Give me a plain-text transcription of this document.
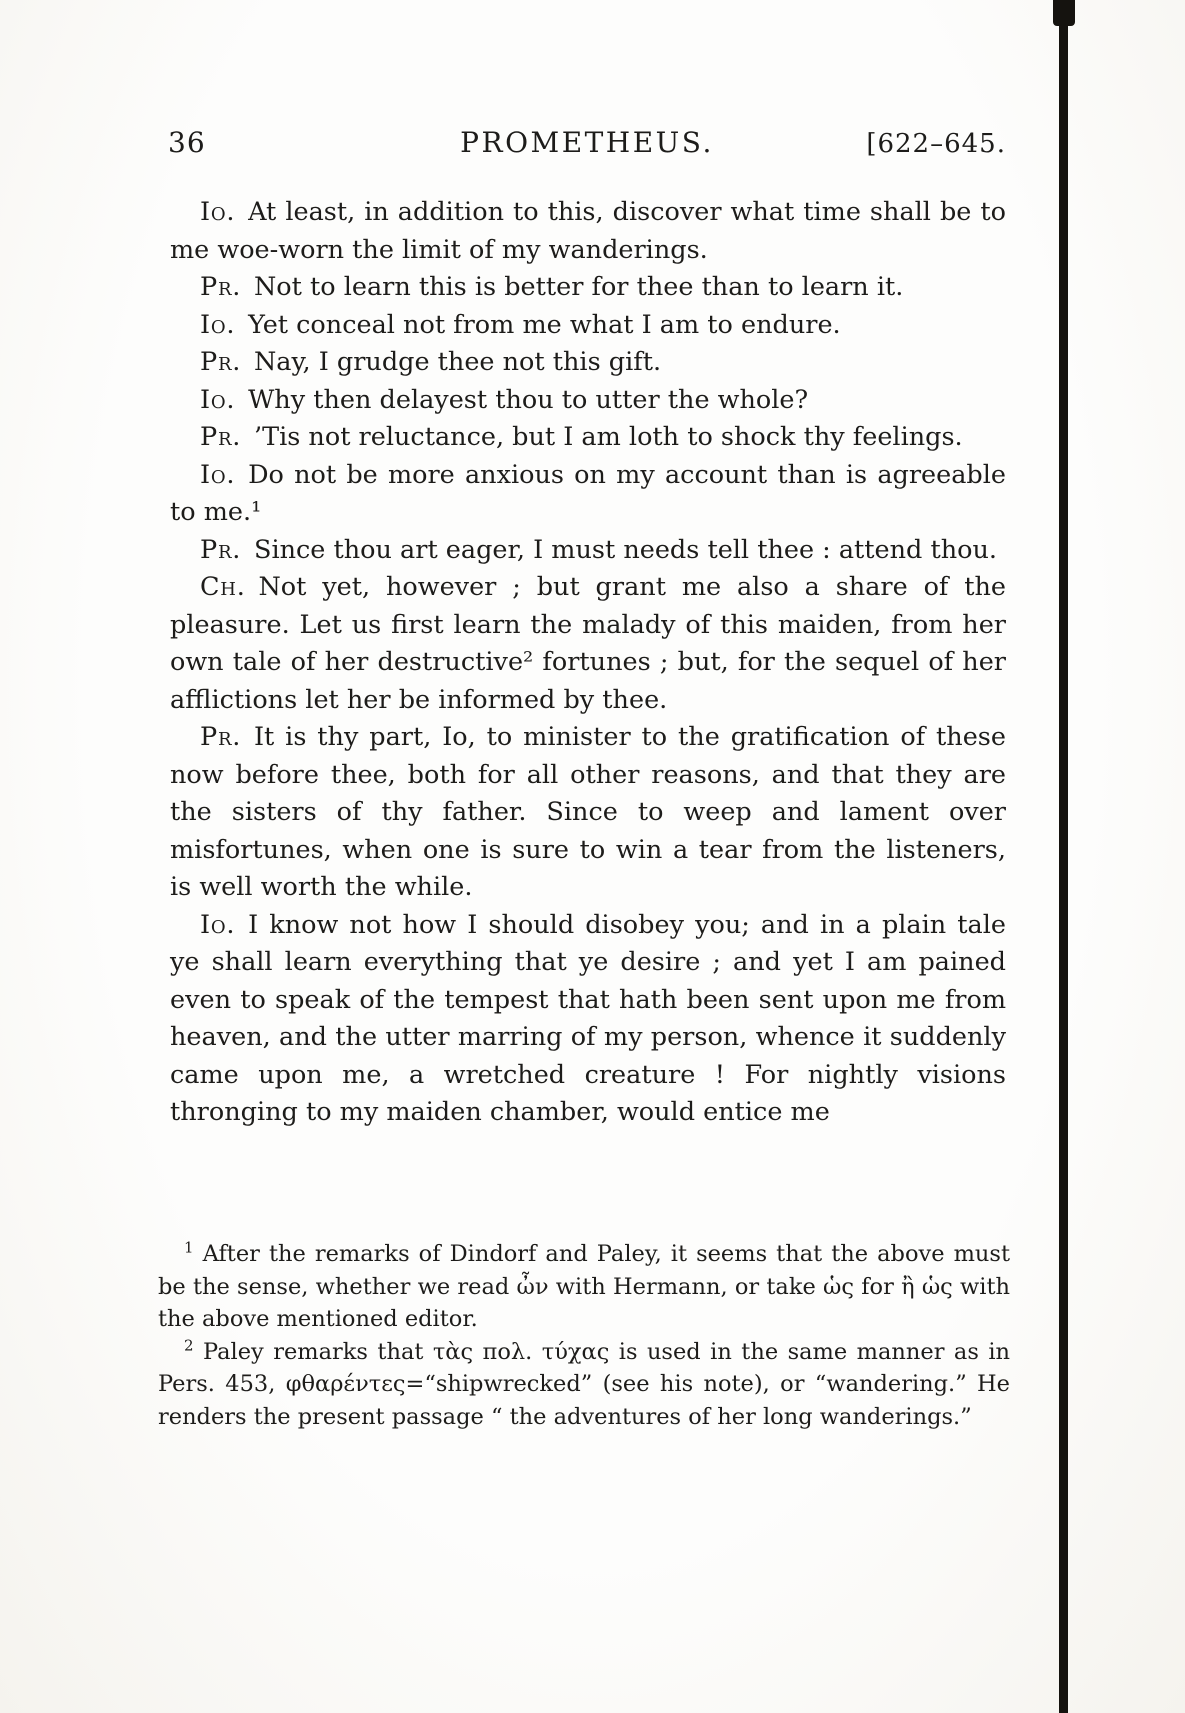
36	PROMETHEUS.	[622–645.

Io. At least, in addition to this, discover what time shall be to me woe-worn the limit of my wanderings.

Pr. Not to learn this is better for thee than to learn it.

Io. Yet conceal not from me what I am to endure.

Pr. Nay, I grudge thee not this gift.

Io. Why then delayest thou to utter the whole?

Pr. ’Tis not reluctance, but I am loth to shock thy feelings.

Io. Do not be more anxious on my account than is agreeable to me.¹

Pr. Since thou art eager, I must needs tell thee : attend thou.

Ch. Not yet, however ; but grant me also a share of the pleasure. Let us first learn the malady of this maiden, from her own tale of her destructive² fortunes ; but, for the sequel of her afflictions let her be informed by thee.

Pr. It is thy part, Io, to minister to the gratification of these now before thee, both for all other reasons, and that they are the sisters of thy father. Since to weep and lament over misfortunes, when one is sure to win a tear from the listeners, is well worth the while.

Io. I know not how I should disobey you; and in a plain tale ye shall learn everything that ye desire ; and yet I am pained even to speak of the tempest that hath been sent upon me from heaven, and the utter marring of my person, whence it suddenly came upon me, a wretched creature ! For nightly visions thronging to my maiden chamber, would entice me

$^1$ After the remarks of Dindorf and Paley, it seems that the above must be the sense, whether we read ὦν with Hermann, or take ὡς for ἢ ὡς with the above mentioned editor.

$^2$ Paley remarks that τὰς πολ. τύχας is used in the same manner as in Pers. 453, φθαρέντες=“shipwrecked” (see his note), or “wandering.” He renders the present passage “ the adventures of her long wanderings.”
